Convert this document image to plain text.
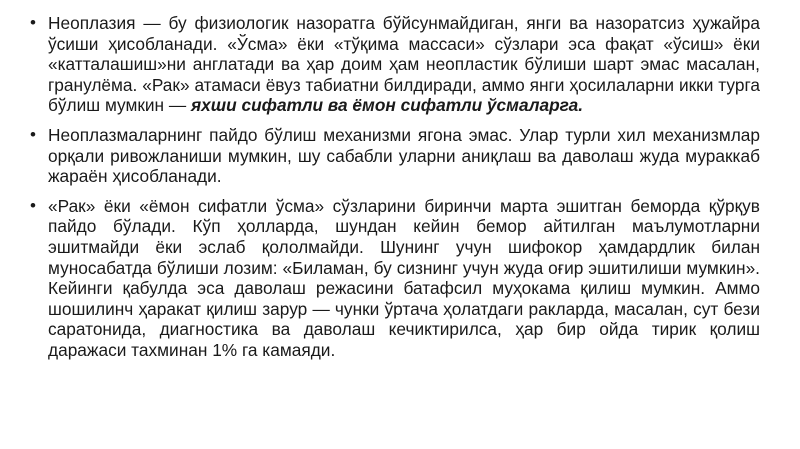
• Неоплазия — бу физиологик назоратга бўйсунмайдиган, янги ва назоратсиз ҳужайра ўсиши ҳисобланади. «Ўсма» ёки «тўқима массаси» сўзлари эса фақат «ўсиш» ёки «катталашиш»ни англатади ва ҳар доим ҳам неопластик бўлиши шарт эмас масалан, гранулёма. «Рак» атамаси ёвуз табиатни билдиради, аммо янги ҳосилаларни икки турга бўлиш мумкин — яхши сифатли ва ёмон сифатли ўсмаларга.
• Неоплазмаларнинг пайдо бўлиш механизми ягона эмас. Улар турли хил механизмлар орқали ривожланиши мумкин, шу сабабли уларни аниқлаш ва даволаш жуда мураккаб жараён ҳисобланади.
• «Рак» ёки «ёмон сифатли ўсма» сўзларини биринчи марта эшитган беморда қўрқув пайдо бўлади. Кўп ҳолларда, шундан кейин бемор айтилган маълумотларни эшитмайди ёки эслаб қололмайди. Шунинг учун шифокор ҳамдардлик билан муносабатда бўлиши лозим: «Биламан, бу сизнинг учун жуда оғир эшитилиши мумкин». Кейинги қабулда эса даволаш режасини батафсил муҳокама қилиш мумкин. Аммо шошилинч ҳаракат қилиш зарур — чунки ўртача ҳолатдаги ракларда, масалан, сут бези саратонида, диагностика ва даволаш кечиктирилса, ҳар бир ойда тирик қолиш даражаси тахминан 1% га камаяди.
